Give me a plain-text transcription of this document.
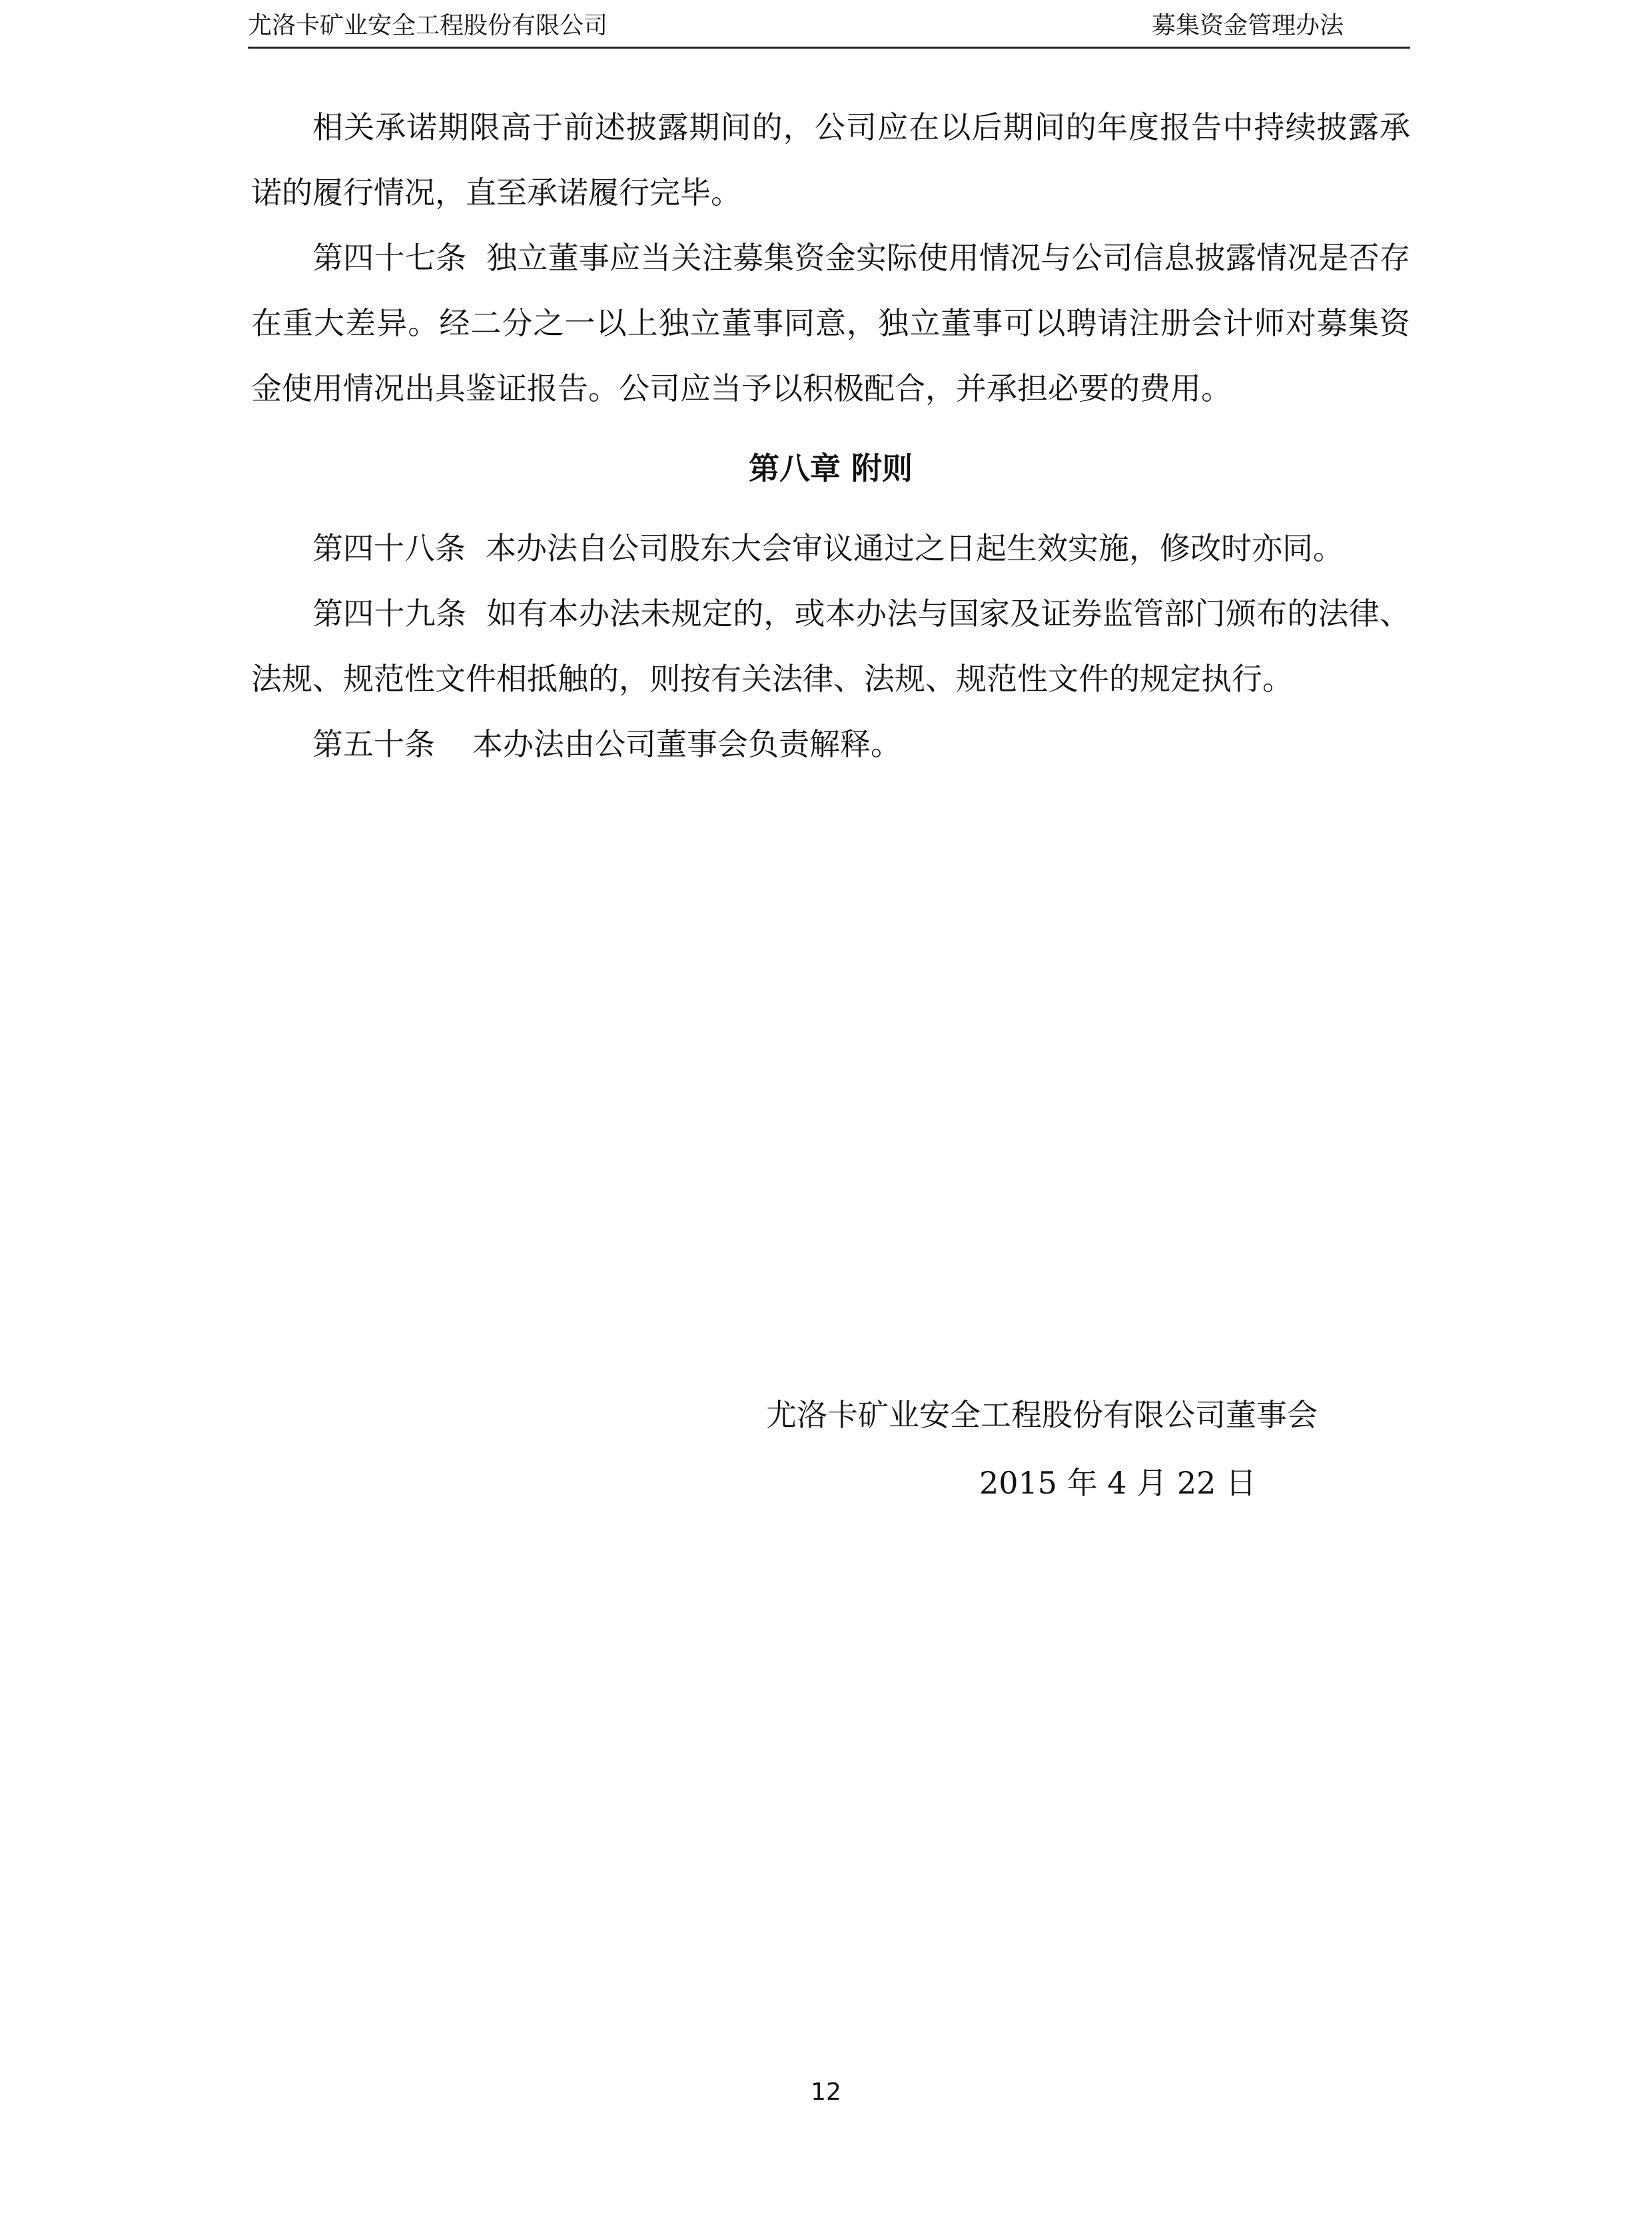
尤洛卡矿业安全工程股份有限公司	募集资金管理办法

相关承诺期限高于前述披露期间的，公司应在以后期间的年度报告中持续披露承诺的履行情况，直至承诺履行完毕。

第四十七条 独立董事应当关注募集资金实际使用情况与公司信息披露情况是否存在重大差异。经二分之一以上独立董事同意，独立董事可以聘请注册会计师对募集资金使用情况出具鉴证报告。公司应当予以积极配合，并承担必要的费用。

第八章 附则

第四十八条 本办法自公司股东大会审议通过之日起生效实施，修改时亦同。

第四十九条 如有本办法未规定的，或本办法与国家及证券监管部门颁布的法律、法规、规范性文件相抵触的，则按有关法律、法规、规范性文件的规定执行。

第五十条 本办法由公司董事会负责解释。

尤洛卡矿业安全工程股份有限公司董事会
2015 年 4 月 22 日
12
